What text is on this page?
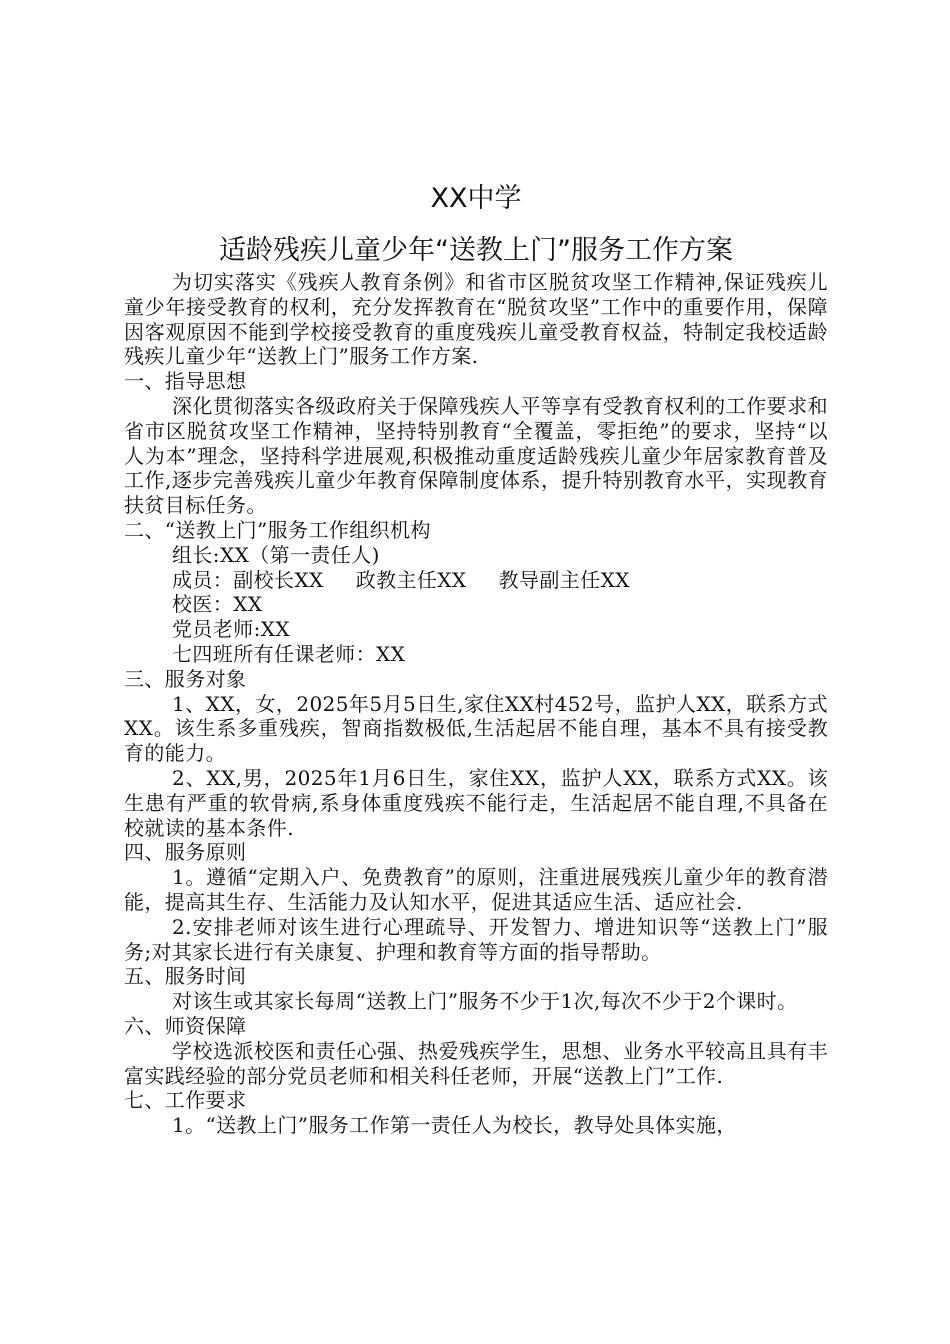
XX中学
适龄残疾儿童少年“送教上门”服务工作方案

为切实落实《残疾人教育条例》和省市区脱贫攻坚工作精神,保证残疾儿童少年接受教育的权利，充分发挥教育在“脱贫攻坚”工作中的重要作用，保障因客观原因不能到学校接受教育的重度残疾儿童受教育权益，特制定我校适龄残疾儿童少年“送教上门”服务工作方案.

一、指导思想

深化贯彻落实各级政府关于保障残疾人平等享有受教育权利的工作要求和省市区脱贫攻坚工作精神，坚持特别教育“全覆盖，零拒绝”的要求，坚持“以人为本”理念，坚持科学进展观,积极推动重度适龄残疾儿童少年居家教育普及工作,逐步完善残疾儿童少年教育保障制度体系，提升特别教育水平，实现教育扶贫目标任务。

二、“送教上门”服务工作组织机构

组长:XX（第一责任人)

成员：副校长XX 政教主任XX 教导副主任XX

校医：XX

党员老师:XX

七四班所有任课老师：XX

三、服务对象

1、XX，女，2025年5月5日生,家住XX村452号，监护人XX，联系方式XX。该生系多重残疾，智商指数极低,生活起居不能自理，基本不具有接受教育的能力。

2、XX,男，2025年1月6日生，家住XX，监护人XX，联系方式XX。该生患有严重的软骨病,系身体重度残疾不能行走，生活起居不能自理,不具备在校就读的基本条件.

四、服务原则

1。遵循“定期入户、免费教育”的原则，注重进展残疾儿童少年的教育潜能，提高其生存、生活能力及认知水平，促进其适应生活、适应社会.

2.安排老师对该生进行心理疏导、开发智力、增进知识等“送教上门”服务;对其家长进行有关康复、护理和教育等方面的指导帮助。

五、服务时间

对该生或其家长每周“送教上门”服务不少于1次,每次不少于2个课时。

六、师资保障

学校选派校医和责任心强、热爱残疾学生，思想、业务水平较高且具有丰富实践经验的部分党员老师和相关科任老师，开展“送教上门”工作.

七、工作要求

1。“送教上门”服务工作第一责任人为校长，教导处具体实施，
